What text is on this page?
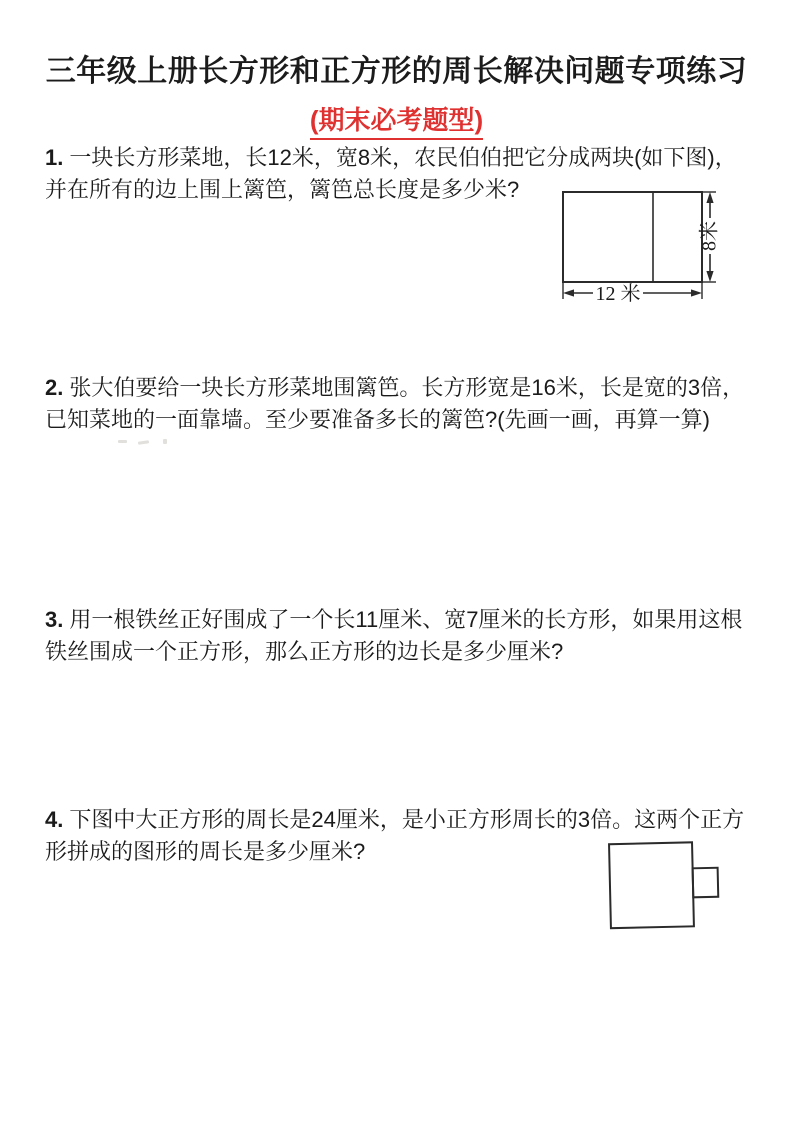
三年级上册长方形和正方形的周长解决问题专项练习
(期末必考题型)
1. 一块长方形菜地，长12米，宽8米，农民伯伯把它分成两块(如下图)，
并在所有的边上围上篱笆，篱笆总长度是多少米?
8米
12 米
2. 张大伯要给一块长方形菜地围篱笆。长方形宽是16米，长是宽的3倍，
已知菜地的一面靠墙。至少要准备多长的篱笆?(先画一画，再算一算)
3. 用一根铁丝正好围成了一个长11厘米、宽7厘米的长方形，如果用这根
铁丝围成一个正方形，那么正方形的边长是多少厘米?
4. 下图中大正方形的周长是24厘米，是小正方形周长的3倍。这两个正方
形拼成的图形的周长是多少厘米?
